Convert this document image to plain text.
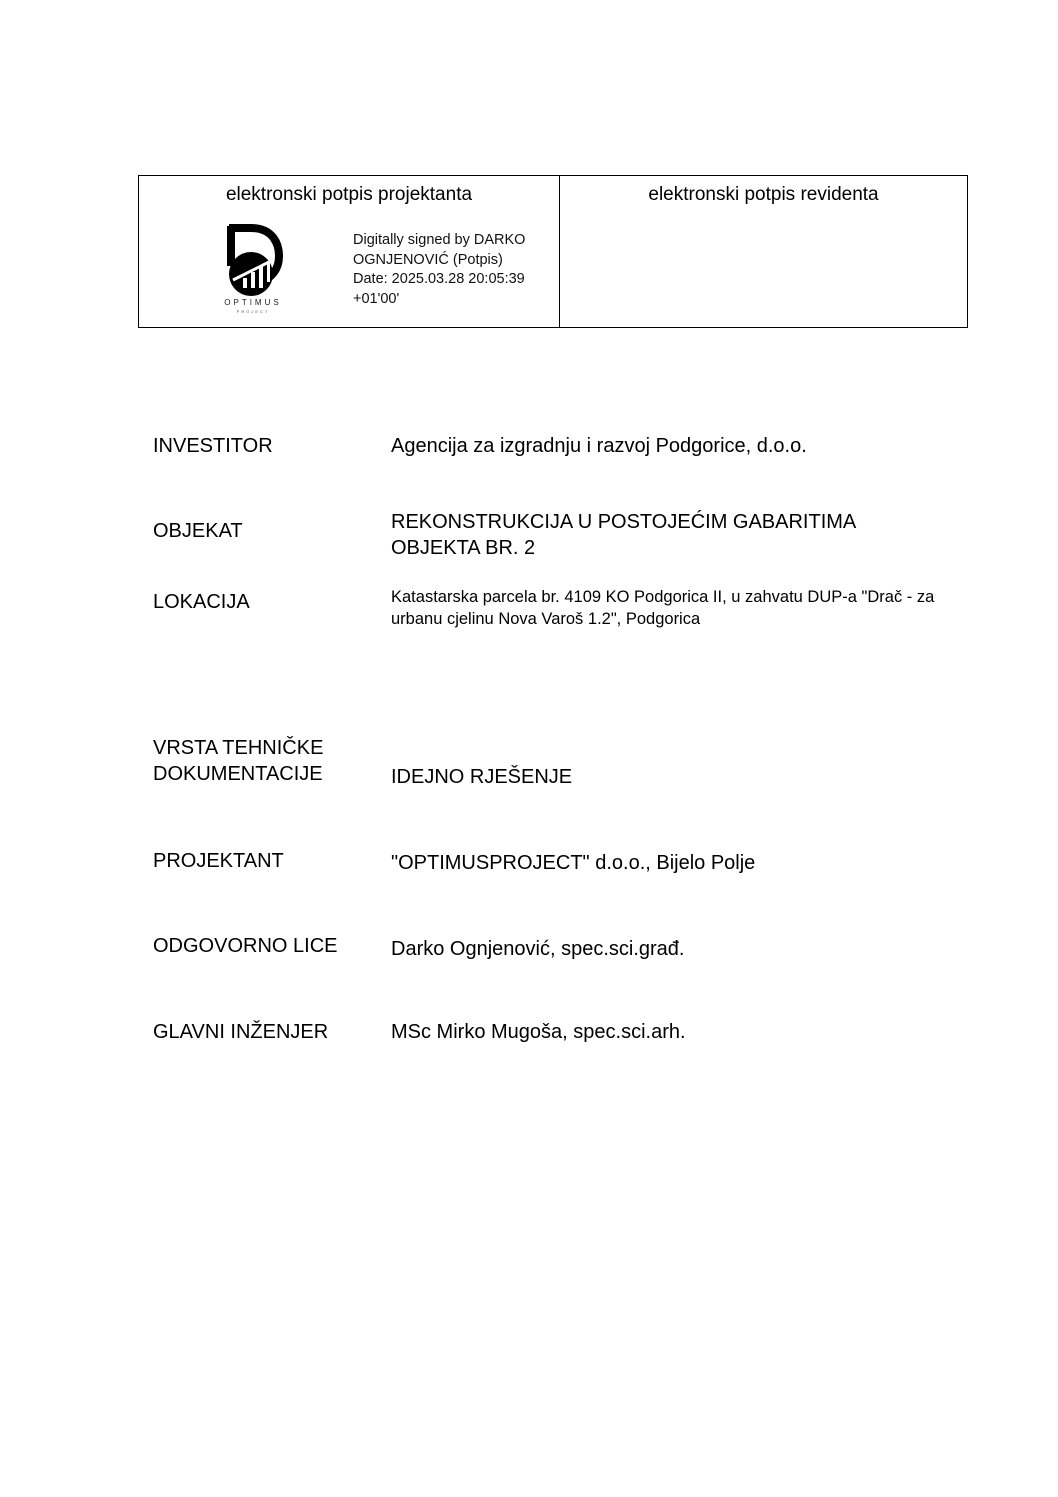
elektronski potpis projektanta
OPTIMUS
PROJECT
Digitally signed by DARKO
OGNJENOVIĆ (Potpis)
Date: 2025.03.28 20:05:39
+01'00'
elektronski potpis revidenta
INVESTITOR	Agencija za izgradnju i razvoj Podgorice, d.o.o.
OBJEKAT	REKONSTRUKCIJA U POSTOJEĆIM GABARITIMA
OBJEKTA BR. 2
LOKACIJA	Katastarska parcela br. 4109 KO Podgorica II, u zahvatu DUP-a "Drač - za
urbanu cjelinu Nova Varoš 1.2", Podgorica
VRSTA TEHNIČKE
DOKUMENTACIJE	IDEJNO RJEŠENJE
PROJEKTANT	"OPTIMUSPROJECT" d.o.o., Bijelo Polje
ODGOVORNO LICE	Darko Ognjenović, spec.sci.građ.
GLAVNI INŽENJER	MSc Mirko Mugoša, spec.sci.arh.
